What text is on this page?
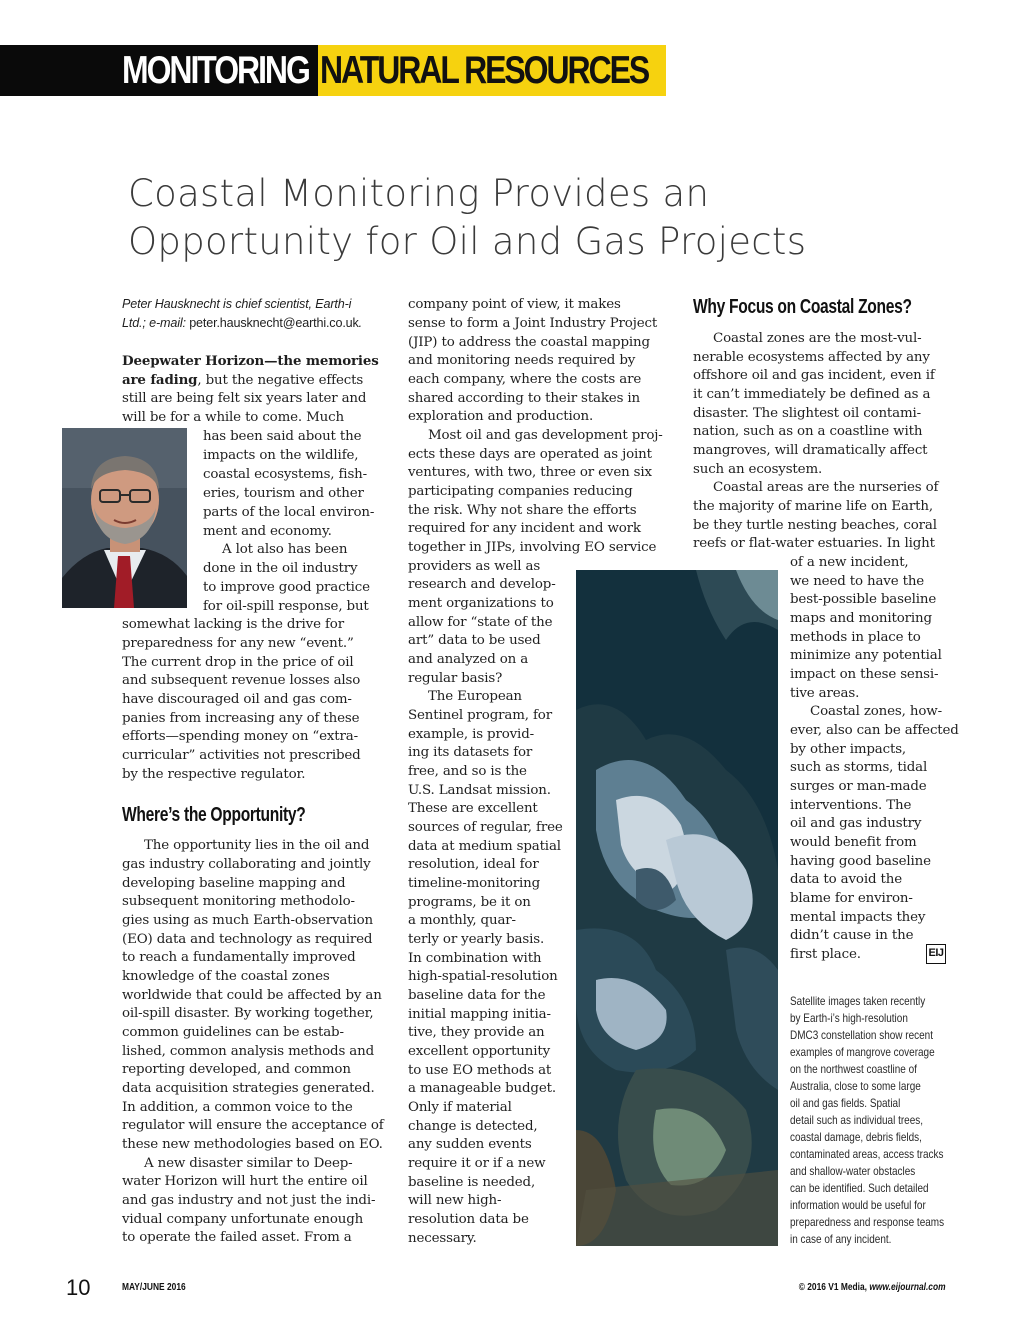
MONITORING NATURAL RESOURCES
Coastal Monitoring Provides an
Opportunity for Oil and Gas Projects
Peter Hausknecht is chief scientist, Earth-i
Ltd.; e-mail: peter.hausknecht@earthi.co.uk.
Deepwater Horizon—the memories
are fading, but the negative effects
still are being felt six years later and
will be for a while to come. Much
has been said about the
impacts on the wildlife,
coastal ecosystems, fish-
eries, tourism and other
parts of the local environ-
ment and economy.
A lot also has been
done in the oil industry
to improve good practice
for oil-spill response, but
somewhat lacking is the drive for
preparedness for any new “event.”
The current drop in the price of oil
and subsequent revenue losses also
have discouraged oil and gas com-
panies from increasing any of these
efforts—spending money on “extra-
curricular” activities not prescribed
by the respective regulator.
Where’s the Opportunity?
The opportunity lies in the oil and
gas industry collaborating and jointly
developing baseline mapping and
subsequent monitoring methodolo-
gies using as much Earth-observation
(EO) data and technology as required
to reach a fundamentally improved
knowledge of the coastal zones
worldwide that could be affected by an
oil-spill disaster. By working together,
common guidelines can be estab-
lished, common analysis methods and
reporting developed, and common
data acquisition strategies generated.
In addition, a common voice to the
regulator will ensure the acceptance of
these new methodologies based on EO.
A new disaster similar to Deep-
water Horizon will hurt the entire oil
and gas industry and not just the indi-
vidual company unfortunate enough
to operate the failed asset. From a
company point of view, it makes
sense to form a Joint Industry Project
(JIP) to address the coastal mapping
and monitoring needs required by
each company, where the costs are
shared according to their stakes in
exploration and production.
Most oil and gas development proj-
ects these days are operated as joint
ventures, with two, three or even six
participating companies reducing
the risk. Why not share the efforts
required for any incident and work
together in JIPs, involving EO service
providers as well as
research and develop-
ment organizations to
allow for “state of the
art” data to be used
and analyzed on a
regular basis?
The European
Sentinel program, for
example, is provid-
ing its datasets for
free, and so is the
U.S. Landsat mission.
These are excellent
sources of regular, free
data at medium spatial
resolution, ideal for
timeline-monitoring
programs, be it on
a monthly, quar-
terly or yearly basis.
In combination with
high-spatial-resolution
baseline data for the
initial mapping initia-
tive, they provide an
excellent opportunity
to use EO methods at
a manageable budget.
Only if material
change is detected,
any sudden events
require it or if a new
baseline is needed,
will new high-
resolution data be
necessary.
Why Focus on Coastal Zones?
Coastal zones are the most-vul-
nerable ecosystems affected by any
offshore oil and gas incident, even if
it can’t immediately be defined as a
disaster. The slightest oil contami-
nation, such as on a coastline with
mangroves, will dramatically affect
such an ecosystem.
Coastal areas are the nurseries of
the majority of marine life on Earth,
be they turtle nesting beaches, coral
reefs or flat-water estuaries. In light
of a new incident,
we need to have the
best-possible baseline
maps and monitoring
methods in place to
minimize any potential
impact on these sensi-
tive areas.
Coastal zones, how-
ever, also can be affected
by other impacts,
such as storms, tidal
surges or man-made
interventions. The
oil and gas industry
would benefit from
having good baseline
data to avoid the
blame for environ-
mental impacts they
didn’t cause in the
first place.	EIJ
Satellite images taken recently
by Earth-i’s high-resolution
DMC3 constellation show recent
examples of mangrove coverage
on the northwest coastline of
Australia, close to some large
oil and gas fields. Spatial
detail such as individual trees,
coastal damage, debris fields,
contaminated areas, access tracks
and shallow-water obstacles
can be identified. Such detailed
information would be useful for
preparedness and response teams
in case of any incident.
10	MAY/JUNE 2016	© 2016 V1 Media, www.eijournal.com
